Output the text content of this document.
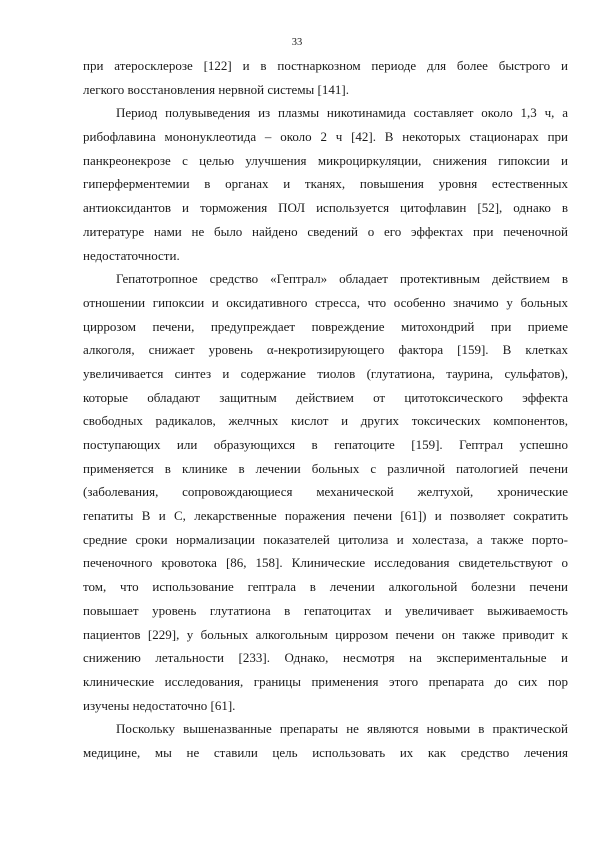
33
при атеросклерозе [122] и в постнаркозном периоде для более быстрого и
легкого восстановления нервной системы [141].
Период полувыведения из плазмы никотинамида составляет около 1,3 ч, а
рибофлавина мононуклеотида – около 2 ч [42]. В некоторых стационарах при
панкреонекрозе с целью улучшения микроциркуляции, снижения гипоксии и
гиперферментемии в органах и тканях, повышения уровня естественных
антиоксидантов и торможения ПОЛ используется цитофлавин [52], однако в
литературе нами не было найдено сведений о его эффектах при печеночной
недостаточности.
Гепатотропное средство «Гептрал» обладает протективным действием в
отношении гипоксии и оксидативного стресса, что особенно значимо у больных
циррозом печени, предупреждает повреждение митохондрий при приеме
алкоголя, снижает уровень α-некротизирующего фактора [159]. В клетках
увеличивается синтез и содержание тиолов (глутатиона, таурина, сульфатов),
которые обладают защитным действием от цитотоксического эффекта
свободных радикалов, желчных кислот и других токсических компонентов,
поступающих или образующихся в гепатоците [159]. Гептрал успешно
применяется в клинике в лечении больных с различной патологией печени
(заболевания, сопровождающиеся механической желтухой, хронические
гепатиты В и С, лекарственные поражения печени [61]) и позволяет сократить
средние сроки нормализации показателей цитолиза и холестаза, а также порто-
печеночного кровотока [86, 158]. Клинические исследования свидетельствуют о
том, что использование гептрала в лечении алкогольной болезни печени
повышает уровень глутатиона в гепатоцитах и увеличивает выживаемость
пациентов [229], у больных алкогольным циррозом печени он также приводит к
снижению летальности [233]. Однако, несмотря на экспериментальные и
клинические исследования, границы применения этого препарата до сих пор
изучены недостаточно [61].
Поскольку вышеназванные препараты не являются новыми в практической
медицине, мы не ставили цель использовать их как средство лечения
